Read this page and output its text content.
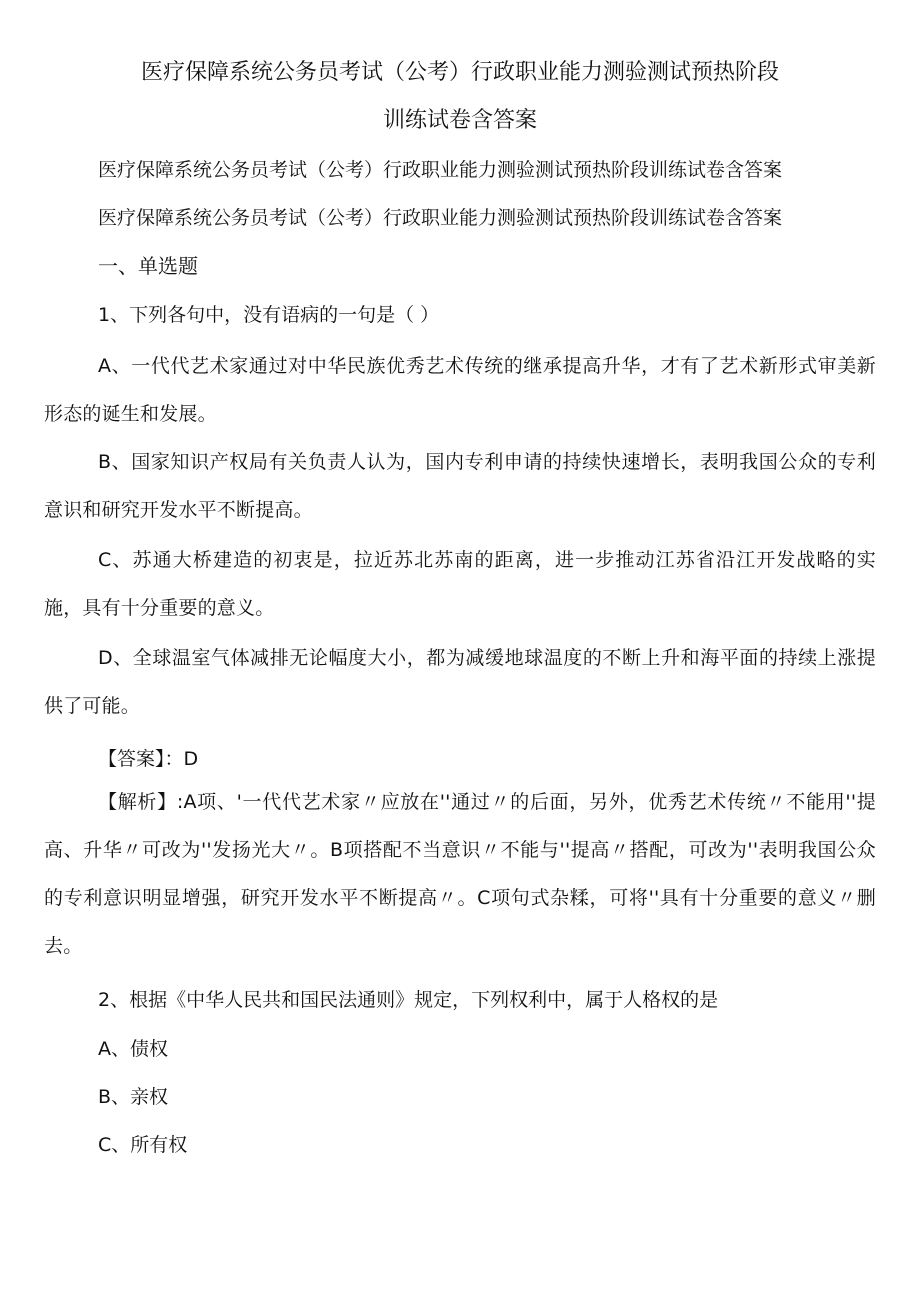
医疗保障系统公务员考试（公考）行政职业能力测验测试预热阶段
训练试卷含答案
医疗保障系统公务员考试（公考）行政职业能力测验测试预热阶段训练试卷含答案
医疗保障系统公务员考试（公考）行政职业能力测验测试预热阶段训练试卷含答案
一、单选题
1、下列各句中，没有语病的一句是（ ）
A、一代代艺术家通过对中华民族优秀艺术传统的继承提高升华，才有了艺术新形式审美新形态的诞生和发展。
B、国家知识产权局有关负责人认为，国内专利申请的持续快速增长，表明我国公众的专利意识和研究开发水平不断提高。
C、苏通大桥建造的初衷是，拉近苏北苏南的距离，进一步推动江苏省沿江开发战略的实施，具有十分重要的意义。
D、全球温室气体减排无论幅度大小，都为减缓地球温度的不断上升和海平面的持续上涨提供了可能。
【答案】：D
【解析】:A项、'一代代艺术家〃应放在''通过〃的后面，另外，优秀艺术传统〃不能用''提高、升华〃可改为''发扬光大〃。B项搭配不当意识〃不能与''提高〃搭配，可改为''表明我国公众的专利意识明显增强，研究开发水平不断提高〃。C项句式杂糅，可将''具有十分重要的意义〃删去。
2、根据《中华人民共和国民法通则》规定，下列权利中，属于人格权的是
A、债权
B、亲权
C、所有权
